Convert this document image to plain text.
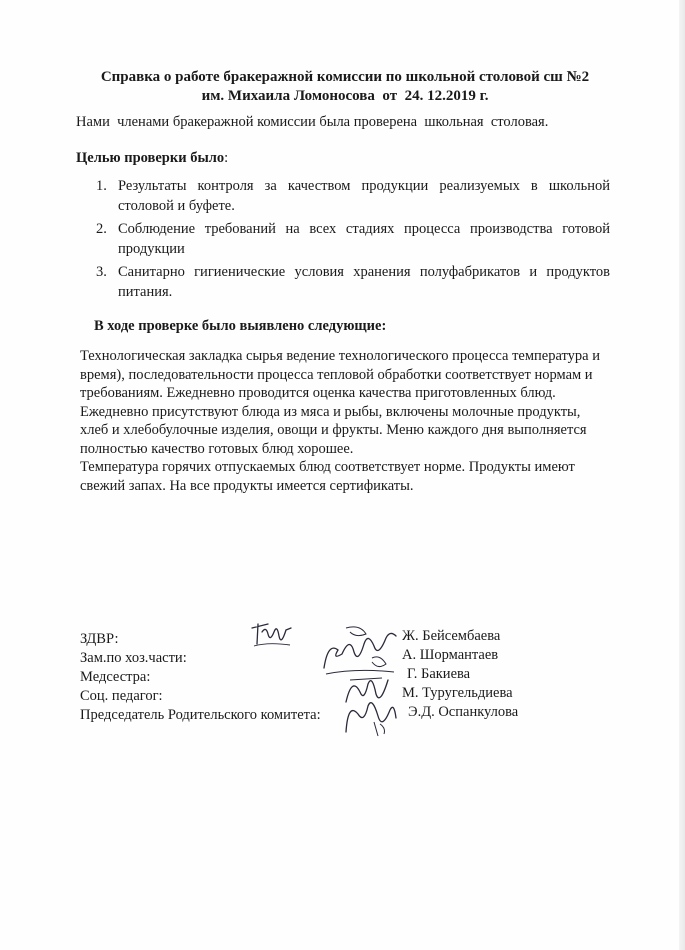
Справка о работе бракеражной комиссии по школьной столовой сш №2
им. Михаила Ломоносова  от  24. 12.2019 г.

Нами  членами бракеражной комиссии была проверена  школьная  столовая.

Целью проверки было:

1. Результаты контроля за качеством продукции реализуемых в школьной столовой и буфете.
2. Соблюдение требований на всех стадиях процесса производства готовой продукции
3. Санитарно гигиенические условия хранения полуфабрикатов и продуктов питания.

В ходе проверке было выявлено следующие:

Технологическая закладка сырья ведение технологического процесса температура и время), последовательности процесса тепловой обработки соответствует нормам и требованиям. Ежедневно проводится оценка качества приготовленных блюд.

Ежедневно присутствуют блюда из мяса и рыбы, включены молочные продукты, хлеб и хлебобулочные изделия, овощи и фрукты. Меню каждого дня выполняется полностью качество готовых блюд хорошее.

Температура горячих отпускаемых блюд соответствует норме. Продукты имеют свежий запах. На все продукты имеется сертификаты.

ЗДВР:
Зам.по хоз.части:
Медсестра:
Соц. педагог:
Председатель Родительского комитета:
Ж. Бейсембаева
А. Шормантаев
Г. Бакиева
М. Туругельдиева
Э.Д. Оспанкулова
